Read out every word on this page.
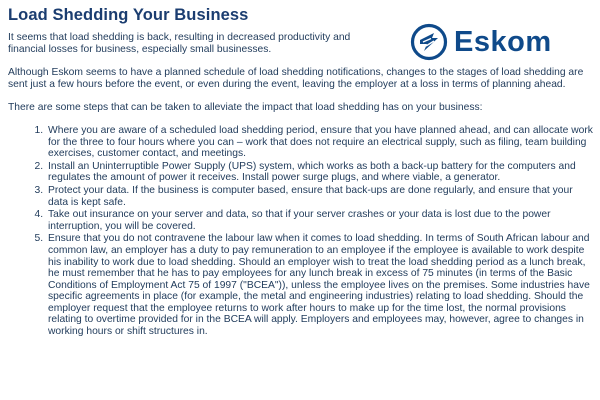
Load Shedding Your Business
Eskom

It seems that load shedding is back, resulting in decreased productivity and financial losses for business, especially small businesses.

Although Eskom seems to have a planned schedule of load shedding notifications, changes to the stages of load shedding are sent just a few hours before the event, or even during the event, leaving the employer at a loss in terms of planning ahead.

There are some steps that can be taken to alleviate the impact that load shedding has on your business:

1. Where you are aware of a scheduled load shedding period, ensure that you have planned ahead, and can allocate work for the three to four hours where you can – work that does not require an electrical supply, such as filing, team building exercises, customer contact, and meetings.
2. Install an Uninterruptible Power Supply (UPS) system, which works as both a back-up battery for the computers and regulates the amount of power it receives. Install power surge plugs, and where viable, a generator.
3. Protect your data. If the business is computer based, ensure that back-ups are done regularly, and ensure that your data is kept safe.
4. Take out insurance on your server and data, so that if your server crashes or your data is lost due to the power interruption, you will be covered.
5. Ensure that you do not contravene the labour law when it comes to load shedding. In terms of South African labour and common law, an employer has a duty to pay remuneration to an employee if the employee is available to work despite his inability to work due to load shedding. Should an employer wish to treat the load shedding period as a lunch break, he must remember that he has to pay employees for any lunch break in excess of 75 minutes (in terms of the Basic Conditions of Employment Act 75 of 1997 ("BCEA")), unless the employee lives on the premises. Some industries have specific agreements in place (for example, the metal and engineering industries) relating to load shedding. Should the employer request that the employee returns to work after hours to make up for the time lost, the normal provisions relating to overtime provided for in the BCEA will apply. Employers and employees may, however, agree to changes in working hours or shift structures in.
